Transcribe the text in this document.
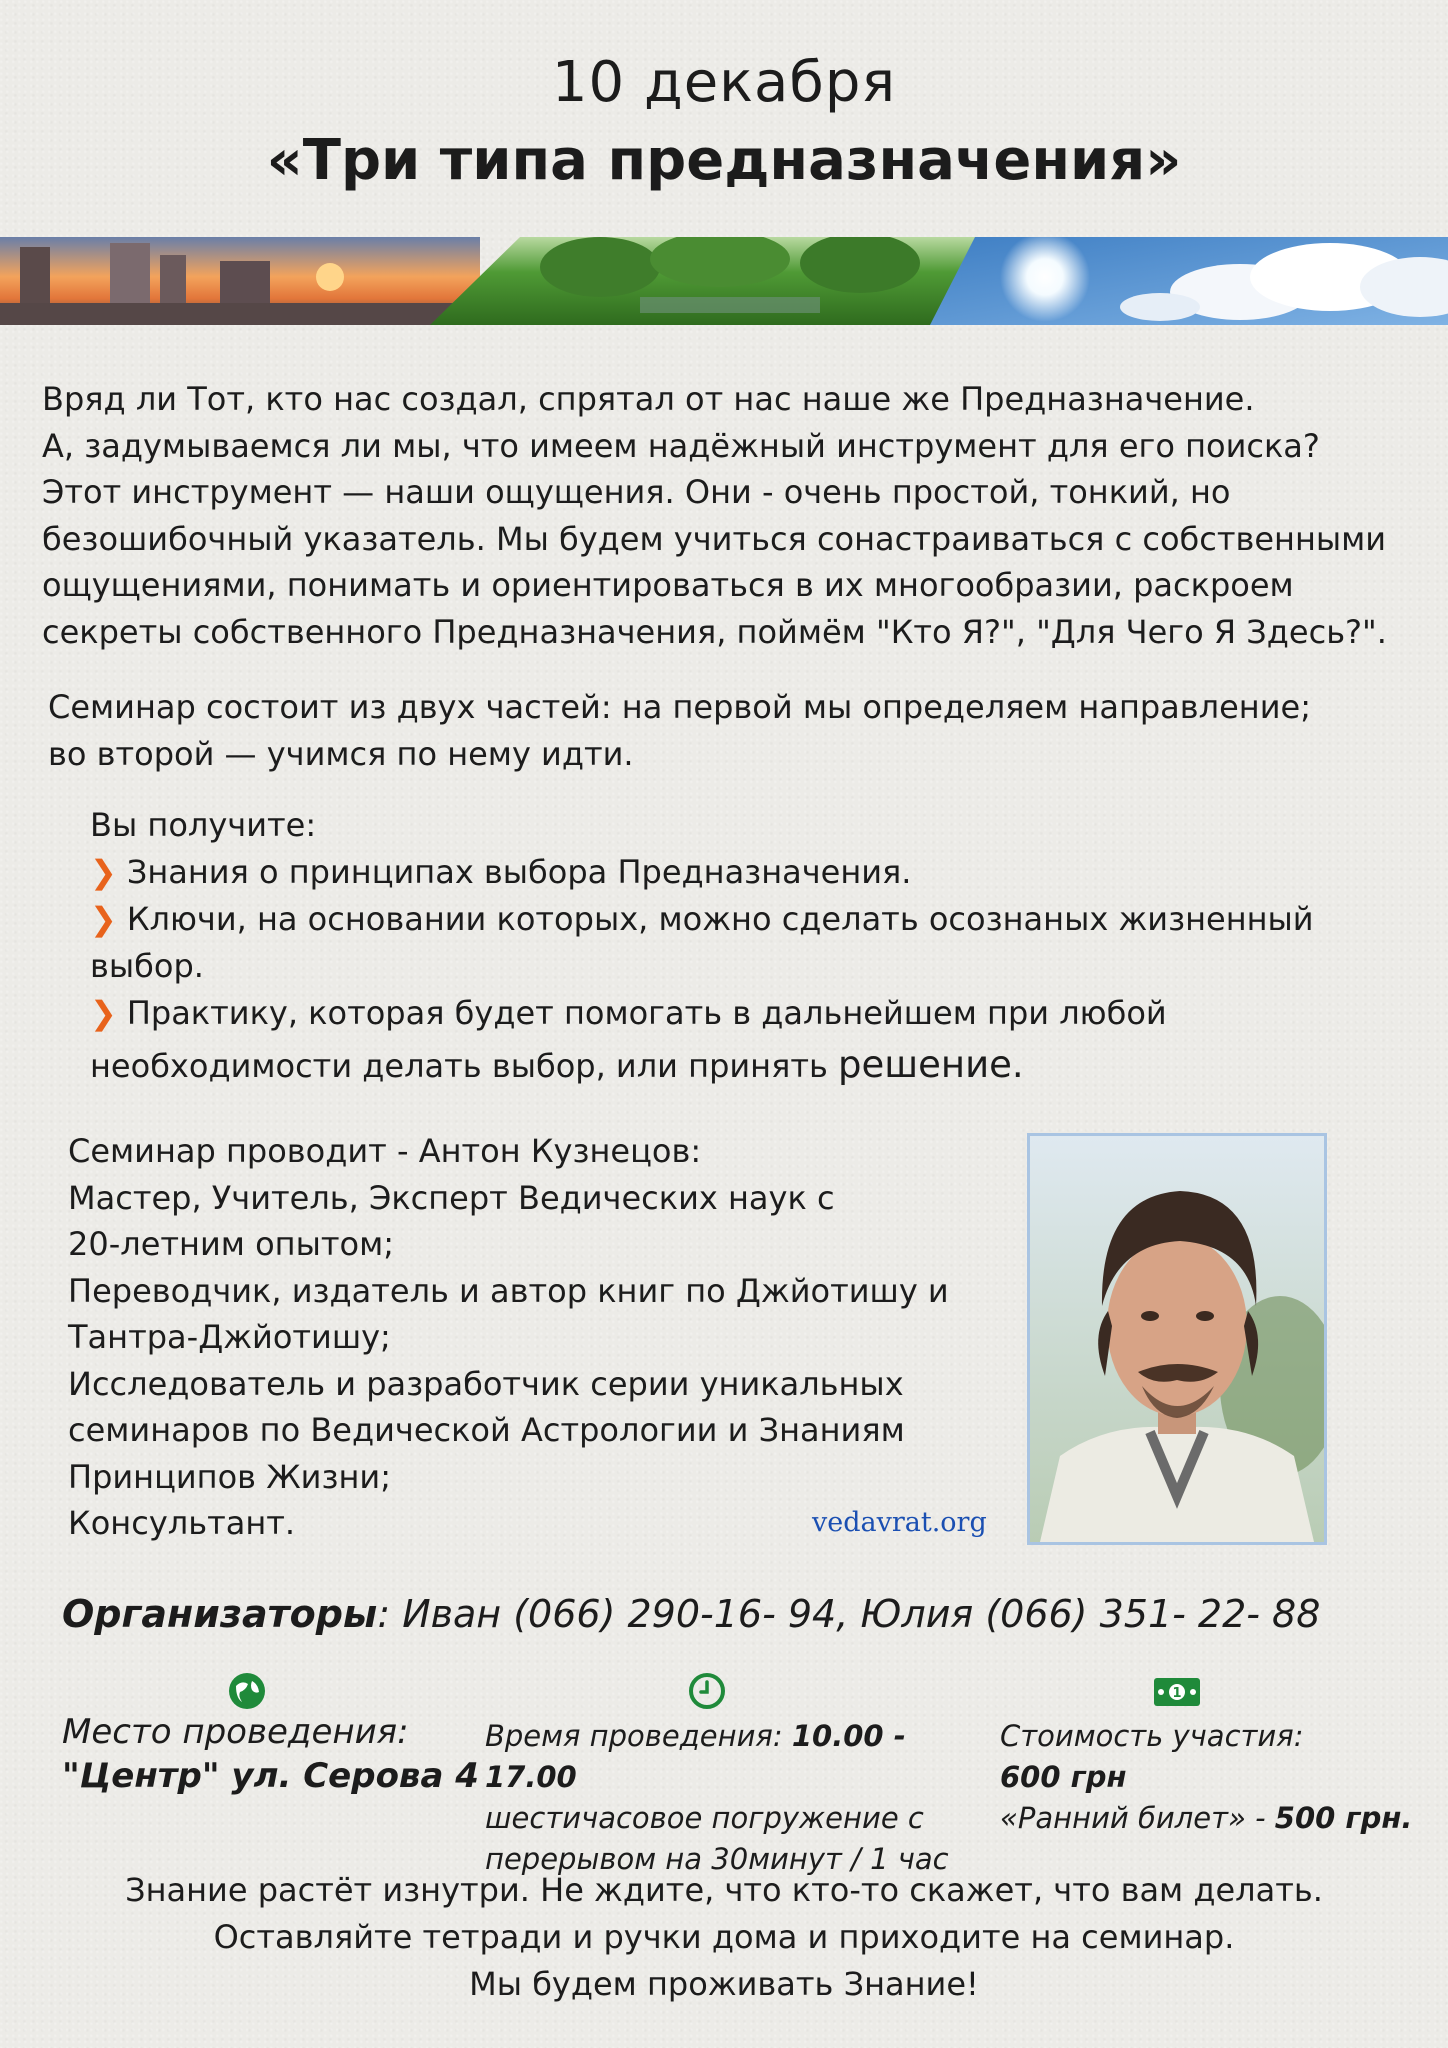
10 декабря
«Три типа предназначения»
Вряд ли Тот, кто нас создал, спрятал от нас наше же Предназначение.
А, задумываемся ли мы, что имеем надёжный инструмент для его поиска?
Этот инструмент — наши ощущения. Они - очень простой, тонкий, но
безошибочный указатель. Мы будем учиться сонастраиваться с собственными
ощущениями, понимать и ориентироваться в их многообразии, раскроем
секреты собственного Предназначения, поймём "Кто Я?", "Для Чего Я Здесь?".
Семинар состоит из двух частей: на первой мы определяем направление;
во второй — учимся по нему идти.
Вы получите:
❯ Знания о принципах выбора Предназначения.
❯ Ключи, на основании которых, можно сделать осознаных жизненный
выбор.
❯ Практику, которая будет помогать в дальнейшем при любой
необходимости делать выбор, или принять решение.
Семинар проводит - Антон Кузнецов:
Мастер, Учитель, Эксперт Ведических наук с
20-летним опытом;
Переводчик, издатель и автор книг по Джйотишу и
Тантра-Джйотишу;
Исследователь и разработчик серии уникальных
семинаров по Ведической Астрологии и Знаниям
Принципов Жизни;
Консультант.	vedavrat.org
Организаторы: Иван (066) 290-16- 94, Юлия (066) 351- 22- 88
1
Место проведения:
"Центр" ул. Серова 4
Время проведения: 10.00 - 17.00
шестичасовое погружение с
перерывом на 30минут / 1 час
Стоимость участия:
600 грн
«Ранний билет» - 500 грн.
Знание растёт изнутри. Не ждите, что кто-то скажет, что вам делать.
Оставляйте тетради и ручки дома и приходите на семинар.
Мы будем проживать Знание!
